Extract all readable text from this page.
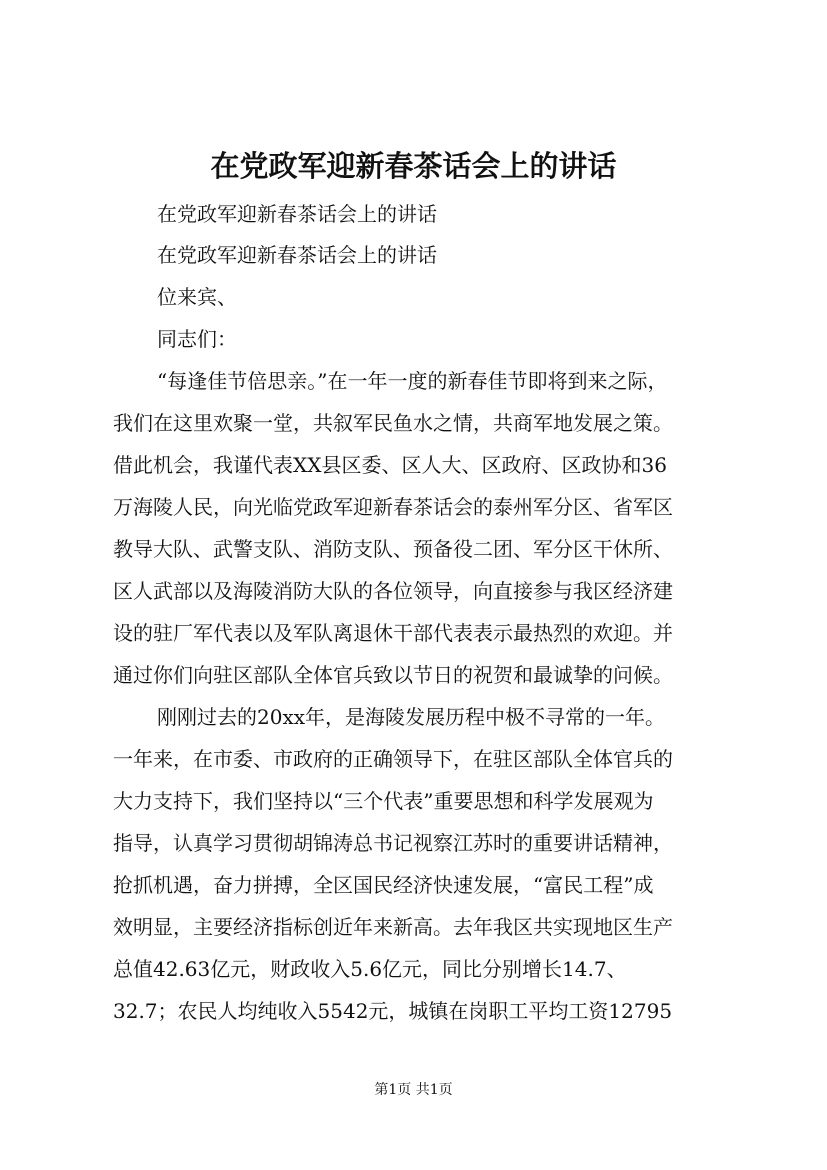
在党政军迎新春茶话会上的讲话
在党政军迎新春茶话会上的讲话
在党政军迎新春茶话会上的讲话
位来宾、
同志们：
“每逢佳节倍思亲。”在一年一度的新春佳节即将到来之际，
我们在这里欢聚一堂，共叙军民鱼水之情，共商军地发展之策。
借此机会，我谨代表XX县区委、区人大、区政府、区政协和36
万海陵人民，向光临党政军迎新春茶话会的泰州军分区、省军区
教导大队、武警支队、消防支队、预备役二团、军分区干休所、
区人武部以及海陵消防大队的各位领导，向直接参与我区经济建
设的驻厂军代表以及军队离退休干部代表表示最热烈的欢迎。并
通过你们向驻区部队全体官兵致以节日的祝贺和最诚挚的问候。
刚刚过去的20xx年，是海陵发展历程中极不寻常的一年。
一年来，在市委、市政府的正确领导下，在驻区部队全体官兵的
大力支持下，我们坚持以“三个代表”重要思想和科学发展观为
指导，认真学习贯彻胡锦涛总书记视察江苏时的重要讲话精神，
抢抓机遇，奋力拼搏，全区国民经济快速发展，“富民工程”成
效明显，主要经济指标创近年来新高。去年我区共实现地区生产
总值42.63亿元，财政收入5.6亿元，同比分别增长14.7、
32.7；农民人均纯收入5542元，城镇在岗职工平均工资12795
第1页 共1页
